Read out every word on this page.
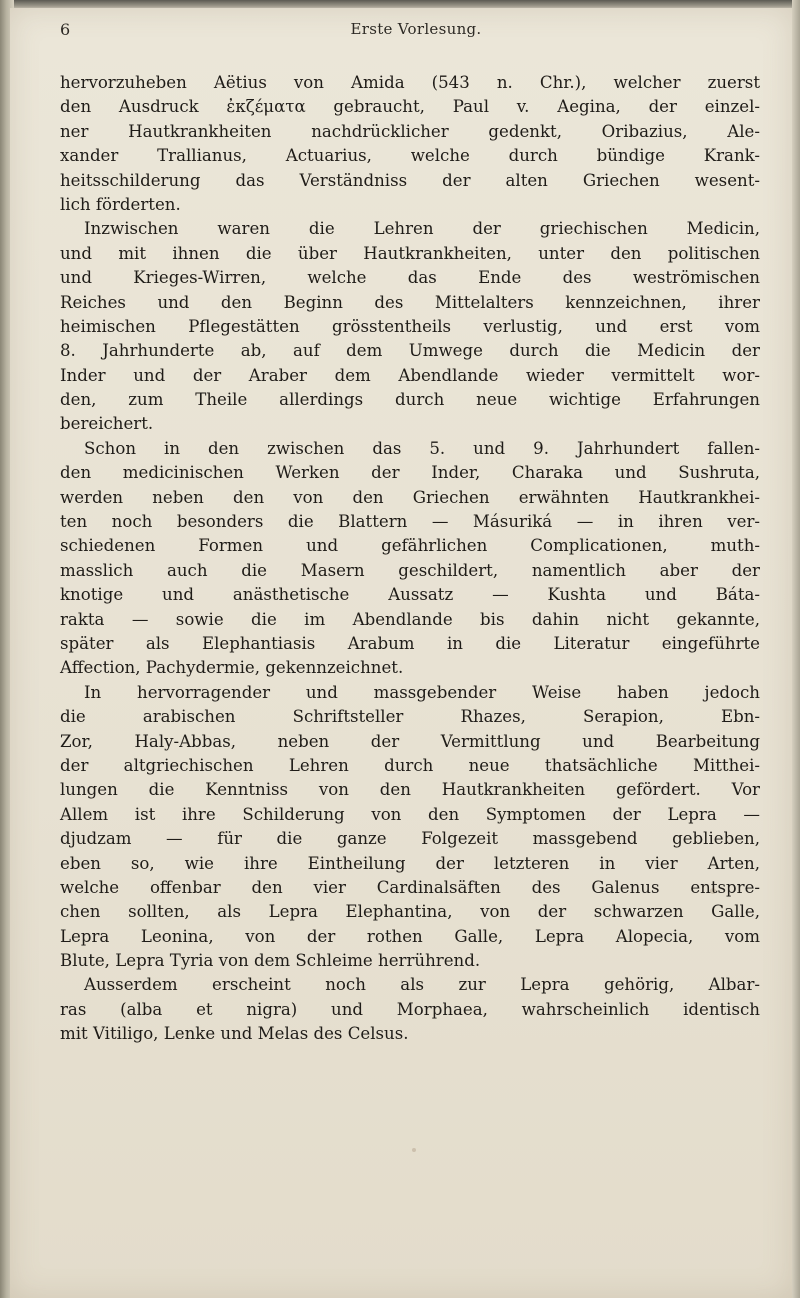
6	Erste Vorlesung.
hervorzuheben Aëtius von Amida (543 n. Chr.), welcher zuerst
den Ausdruck ἐκζέματα gebraucht, Paul v. Aegina, der einzel-
ner Hautkrankheiten nachdrücklicher gedenkt, Oribazius, Ale-
xander Trallianus, Actuarius, welche durch bündige Krank-
heitsschilderung das Verständniss der alten Griechen wesent-
lich förderten.
Inzwischen waren die Lehren der griechischen Medicin,
und mit ihnen die über Hautkrankheiten, unter den politischen
und Krieges-Wirren, welche das Ende des weströmischen
Reiches und den Beginn des Mittelalters kennzeichnen, ihrer
heimischen Pflegestätten grösstentheils verlustig, und erst vom
8. Jahrhunderte ab, auf dem Umwege durch die Medicin der
Inder und der Araber dem Abendlande wieder vermittelt wor-
den, zum Theile allerdings durch neue wichtige Erfahrungen
bereichert.
Schon in den zwischen das 5. und 9. Jahrhundert fallen-
den medicinischen Werken der Inder, Charaka und Sushruta,
werden neben den von den Griechen erwähnten Hautkrankhei-
ten noch besonders die Blattern — Másuriká — in ihren ver-
schiedenen Formen und gefährlichen Complicationen, muth-
masslich auch die Masern geschildert, namentlich aber der
knotige und anästhetische Aussatz — Kushta und Báta-
rakta — sowie die im Abendlande bis dahin nicht gekannte,
später als Elephantiasis Arabum in die Literatur eingeführte
Affection, Pachydermie, gekennzeichnet.
In hervorragender und massgebender Weise haben jedoch
die arabischen Schriftsteller Rhazes, Serapion, Ebn-
Zor, Haly-Abbas, neben der Vermittlung und Bearbeitung
der altgriechischen Lehren durch neue thatsächliche Mitthei-
lungen die Kenntniss von den Hautkrankheiten gefördert. Vor
Allem ist ihre Schilderung von den Symptomen der Lepra —
djudzam — für die ganze Folgezeit massgebend geblieben,
eben so, wie ihre Eintheilung der letzteren in vier Arten,
welche offenbar den vier Cardinalsäften des Galenus entspre-
chen sollten, als Lepra Elephantina, von der schwarzen Galle,
Lepra Leonina, von der rothen Galle, Lepra Alopecia, vom
Blute, Lepra Tyria von dem Schleime herrührend.
Ausserdem erscheint noch als zur Lepra gehörig, Albar-
ras (alba et nigra) und Morphaea, wahrscheinlich identisch
mit Vitiligo, Lenke und Melas des Celsus.
